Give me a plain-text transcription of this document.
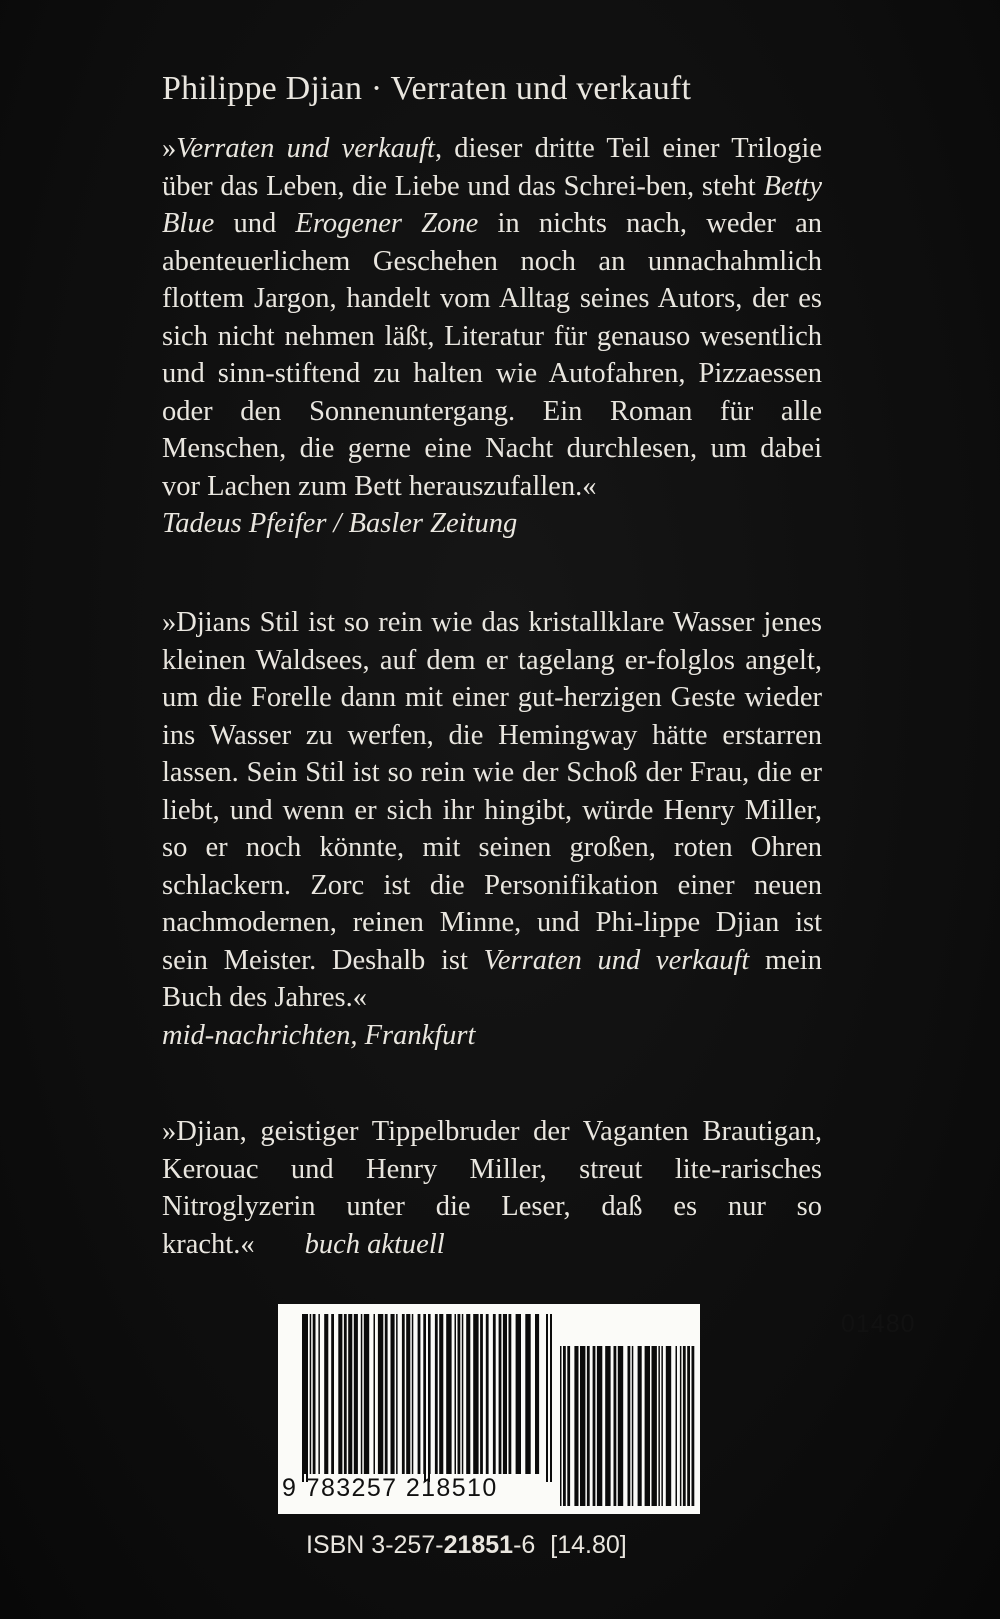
Philippe Djian · Verraten und verkauft
»Verraten und verkauft, dieser dritte Teil einer Trilogie über das Leben, die Liebe und das Schrei-ben, steht Betty Blue und Erogener Zone in nichts nach, weder an abenteuerlichem Geschehen noch an unnachahmlich flottem Jargon, handelt vom Alltag seines Autors, der es sich nicht nehmen läßt, Literatur für genauso wesentlich und sinn-stiftend zu halten wie Autofahren, Pizzaessen oder den Sonnenuntergang. Ein Roman für alle Menschen, die gerne eine Nacht durchlesen, um dabei vor Lachen zum Bett herauszufallen.«
Tadeus Pfeifer / Basler Zeitung
»Djians Stil ist so rein wie das kristallklare Wasser jenes kleinen Waldsees, auf dem er tagelang er-folglos angelt, um die Forelle dann mit einer gut-herzigen Geste wieder ins Wasser zu werfen, die Hemingway hätte erstarren lassen. Sein Stil ist so rein wie der Schoß der Frau, die er liebt, und wenn er sich ihr hingibt, würde Henry Miller, so er noch könnte, mit seinen großen, roten Ohren schlackern. Zorc ist die Personifikation einer neuen nachmodernen, reinen Minne, und Phi-lippe Djian ist sein Meister. Deshalb ist Verraten und verkauft mein Buch des Jahres.«
mid-nachrichten, Frankfurt
»Djian, geistiger Tippelbruder der Vaganten Brautigan, Kerouac und Henry Miller, streut lite-rarisches Nitroglyzerin unter die Leser, daß es nur so kracht.« buch aktuell
01480
9 783257 218510
ISBN 3-257-21851-6 [14.80]
